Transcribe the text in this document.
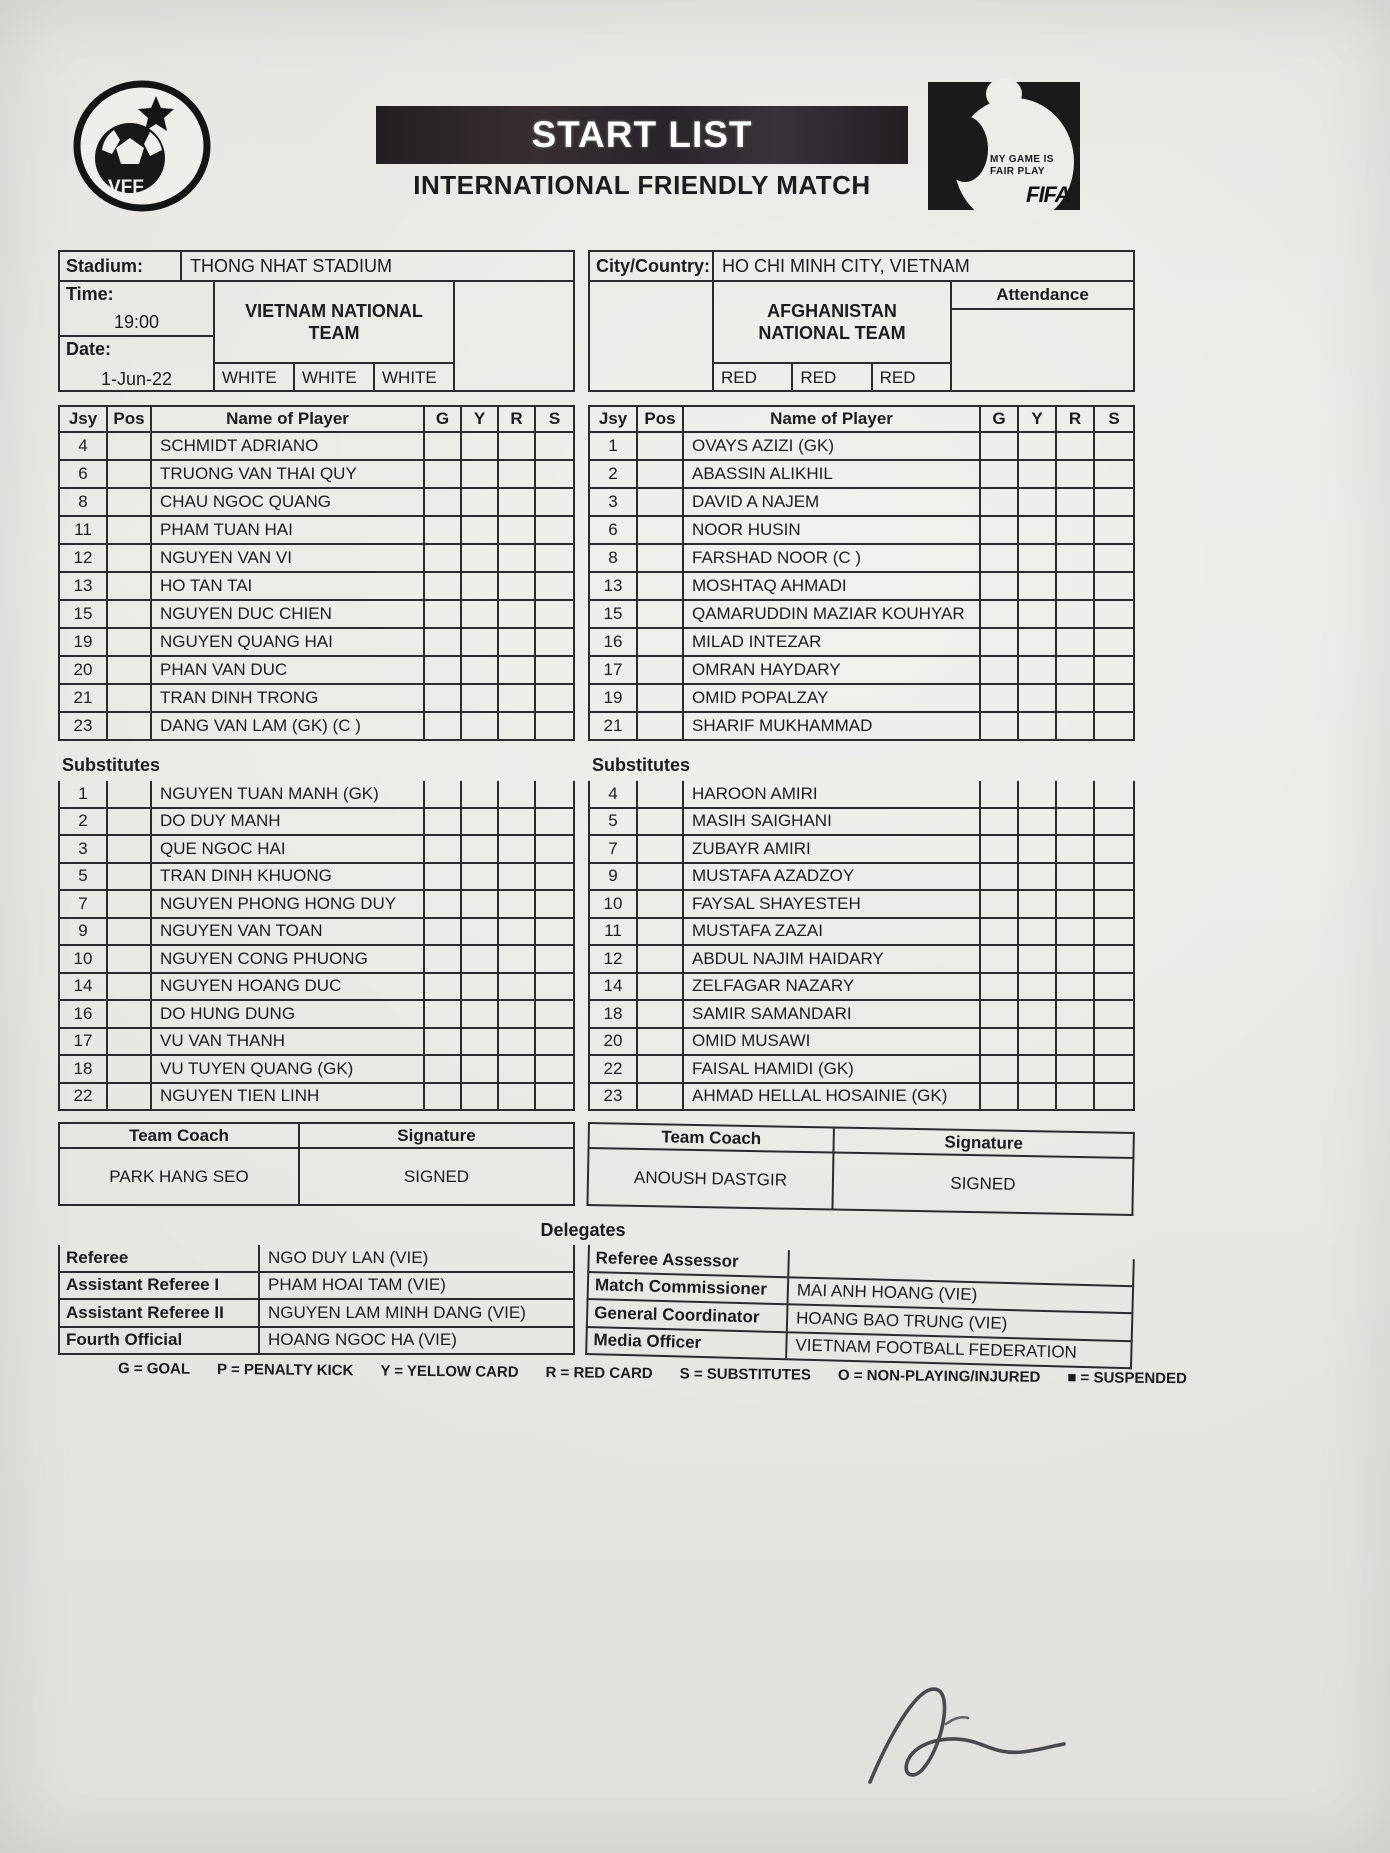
VFF
START LIST
INTERNATIONAL FRIENDLY MATCH
MY GAME IS
FAIR PLAY
FIFA
Stadium:	THONG NHAT STADIUM
Time:
19:00
Date:
1-Jun-22
VIETNAM NATIONAL TEAM
WHITE	WHITE	WHITE
City/Country: HO CHI MINH CITY, VIETNAM
AFGHANISTAN NATIONAL TEAM
RED	RED	RED
Attendance
Jsy Pos	Name of Player	G	Y	R	S
4	SCHMIDT ADRIANO
6	TRUONG VAN THAI QUY
8	CHAU NGOC QUANG
11	PHAM TUAN HAI
12	NGUYEN VAN VI
13	HO TAN TAI
15	NGUYEN DUC CHIEN
19	NGUYEN QUANG HAI
20	PHAN VAN DUC
21	TRAN DINH TRONG
23	DANG VAN LAM (GK) (C )
Jsy	Pos	Name of Player	G	Y	R	S
1	OVAYS AZIZI (GK)
2	ABASSIN ALIKHIL
3	DAVID A NAJEM
6	NOOR HUSIN
8	FARSHAD NOOR (C )
13	MOSHTAQ AHMADI
15	QAMARUDDIN MAZIAR KOUHYAR
16	MILAD INTEZAR
17	OMRAN HAYDARY
19	OMID POPALZAY
21	SHARIF MUKHAMMAD
Substitutes
1	NGUYEN TUAN MANH (GK)
2	DO DUY MANH
3	QUE NGOC HAI
5	TRAN DINH KHUONG
7	NGUYEN PHONG HONG DUY
9	NGUYEN VAN TOAN
10	NGUYEN CONG PHUONG
14	NGUYEN HOANG DUC
16	DO HUNG DUNG
17	VU VAN THANH
18	VU TUYEN QUANG (GK)
22	NGUYEN TIEN LINH
Substitutes
4	HAROON AMIRI
5	MASIH SAIGHANI
7	ZUBAYR AMIRI
9	MUSTAFA AZADZOY
10	FAYSAL SHAYESTEH
11	MUSTAFA ZAZAI
12	ABDUL NAJIM HAIDARY
14	ZELFAGAR NAZARY
18	SAMIR SAMANDARI
20	OMID MUSAWI
22	FAISAL HAMIDI (GK)
23	AHMAD HELLAL HOSAINIE (GK)
Team Coach	Signature
PARK HANG SEO	SIGNED
Team Coach	Signature
ANOUSH DASTGIR	SIGNED
Delegates
Referee	NGO DUY LAN (VIE)
Assistant Referee I	PHAM HOAI TAM (VIE)
Assistant Referee II	NGUYEN LAM MINH DANG (VIE)
Fourth Official	HOANG NGOC HA (VIE)
Referee Assessor
Match Commissioner	MAI ANH HOANG (VIE)
General Coordinator	HOANG BAO TRUNG (VIE)
Media Officer	VIETNAM FOOTBALL FEDERATION
G = GOAL P = PENALTY KICK Y = YELLOW CARD R = RED CARD S = SUBSTITUTES O = NON-PLAYING/INJURED ■ = SUSPENDED
